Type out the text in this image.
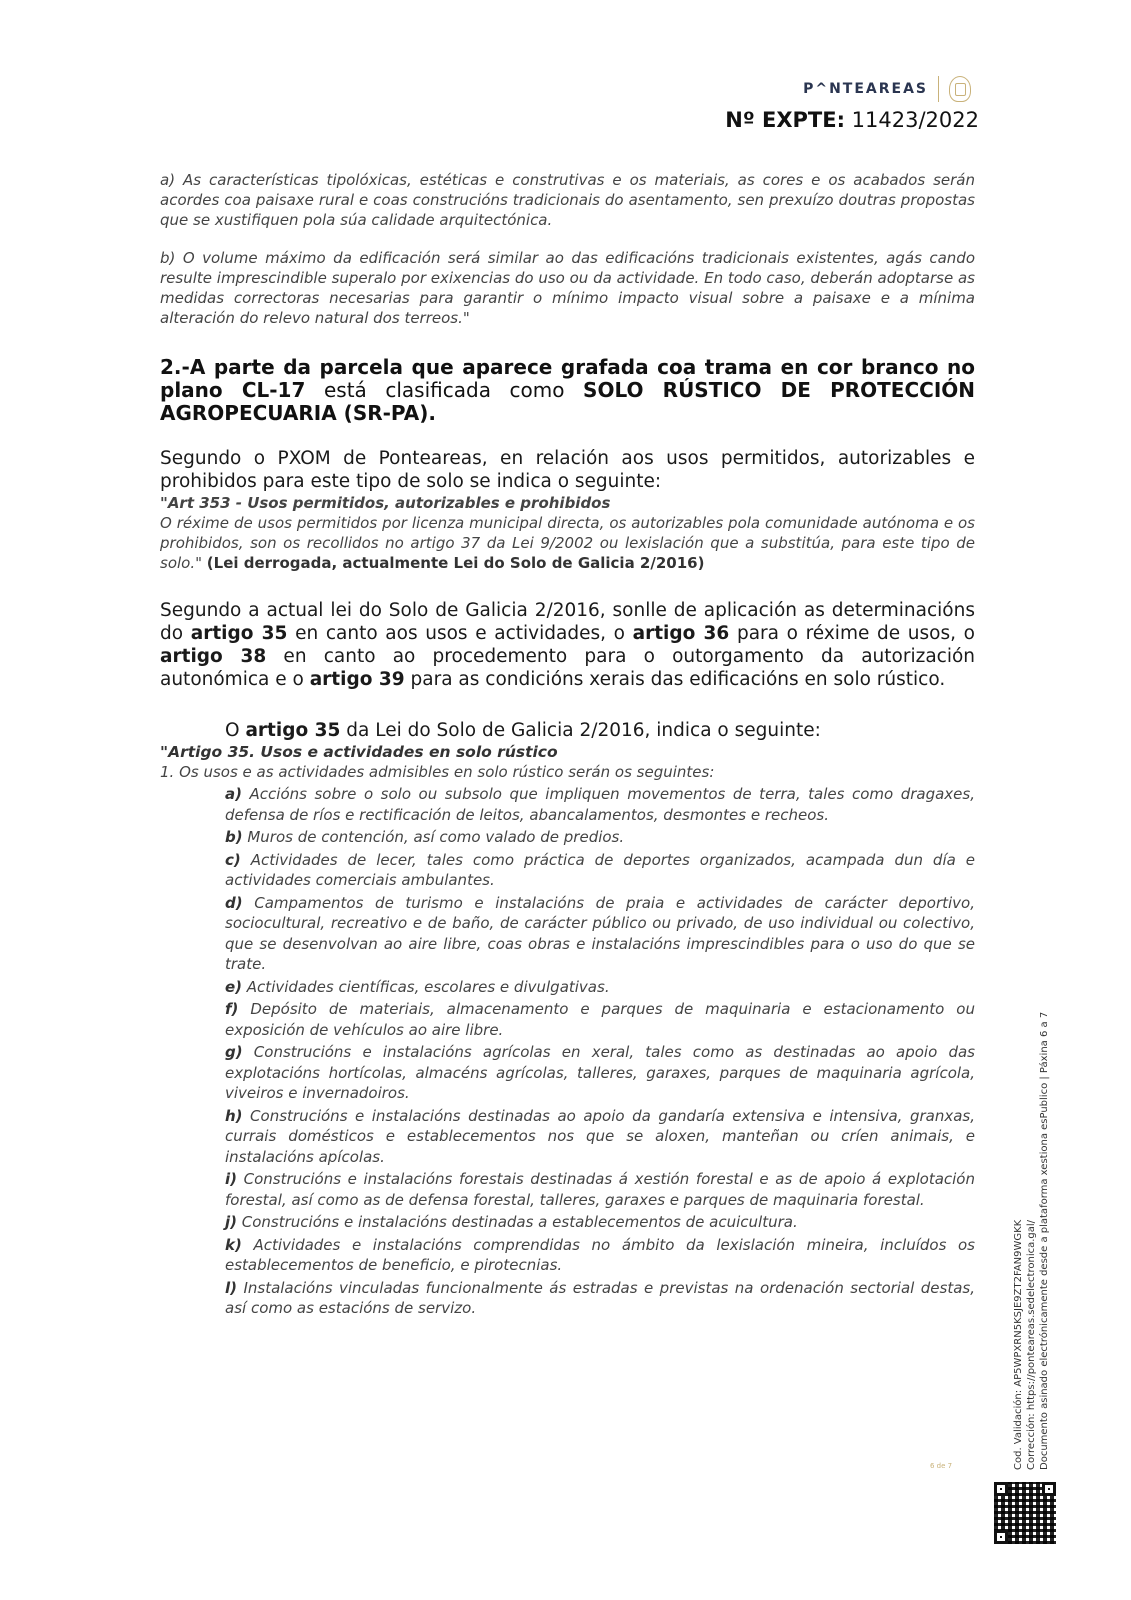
P^NTEAREAS
Nº EXPTE: 11423/2022

a) As características tipolóxicas, estéticas e construtivas e os materiais, as cores e os acabados serán acordes coa paisaxe rural e coas construcións tradicionais do asentamento, sen prexuízo doutras propostas que se xustifiquen pola súa calidade arquitectónica.

b) O volume máximo da edificación será similar ao das edificacións tradicionais existentes, agás cando resulte imprescindible superalo por exixencias do uso ou da actividade. En todo caso, deberán adoptarse as medidas correctoras necesarias para garantir o mínimo impacto visual sobre a paisaxe e a mínima alteración do relevo natural dos terreos."

2.-A parte da parcela que aparece grafada coa trama en cor branco no plano CL-17 está clasificada como SOLO RÚSTICO DE PROTECCIÓN AGROPECUARIA (SR-PA).

Segundo o PXOM de Ponteareas, en relación aos usos permitidos, autorizables e prohibidos para este tipo de solo se indica o seguinte:

"Art 353 - Usos permitidos, autorizables e prohibidos

O réxime de usos permitidos por licenza municipal directa, os autorizables pola comunidade autónoma e os prohibidos, son os recollidos no artigo 37 da Lei 9/2002 ou lexislación que a substitúa, para este tipo de solo." (Lei derrogada, actualmente Lei do Solo de Galicia 2/2016)

Segundo a actual lei do Solo de Galicia 2/2016, sonlle de aplicación as determinacións do artigo 35 en canto aos usos e actividades, o artigo 36 para o réxime de usos, o artigo 38 en canto ao procedemento para o outorgamento da autorización autonómica e o artigo 39 para as condicións xerais das edificacións en solo rústico.

O artigo 35 da Lei do Solo de Galicia 2/2016, indica o seguinte:

"Artigo 35. Usos e actividades en solo rústico

1. Os usos e as actividades admisibles en solo rústico serán os seguintes:

a) Accións sobre o solo ou subsolo que impliquen movementos de terra, tales como dragaxes, defensa de ríos e rectificación de leitos, abancalamentos, desmontes e recheos.
b) Muros de contención, así como valado de predios.
c) Actividades de lecer, tales como práctica de deportes organizados, acampada dun día e actividades comerciais ambulantes.
d) Campamentos de turismo e instalacións de praia e actividades de carácter deportivo, sociocultural, recreativo e de baño, de carácter público ou privado, de uso individual ou colectivo, que se desenvolvan ao aire libre, coas obras e instalacións imprescindibles para o uso do que se trate.
e) Actividades científicas, escolares e divulgativas.
f) Depósito de materiais, almacenamento e parques de maquinaria e estacionamento ou exposición de vehículos ao aire libre.
g) Construcións e instalacións agrícolas en xeral, tales como as destinadas ao apoio das explotacións hortícolas, almacéns agrícolas, talleres, garaxes, parques de maquinaria agrícola, viveiros e invernadoiros.
h) Construcións e instalacións destinadas ao apoio da gandaría extensiva e intensiva, granxas, currais domésticos e establecementos nos que se aloxen, manteñan ou críen animais, e instalacións apícolas.
i) Construcións e instalacións forestais destinadas á xestión forestal e as de apoio á explotación forestal, así como as de defensa forestal, talleres, garaxes e parques de maquinaria forestal.
j) Construcións e instalacións destinadas a establecementos de acuicultura.
k) Actividades e instalacións comprendidas no ámbito da lexislación mineira, incluídos os establecementos de beneficio, e pirotecnias.
l) Instalacións vinculadas funcionalmente ás estradas e previstas na ordenación sectorial destas, así como as estacións de servizo.
6 de 7	Cod. Validación: AP5WPXRN5KSJE9ZT2FAN9WGKK Corrección: https://ponteareas.sedelectronica.gal/ Documento asinado electrónicamente desde a plataforma xestiona esPublico | Páxina 6 a 7
